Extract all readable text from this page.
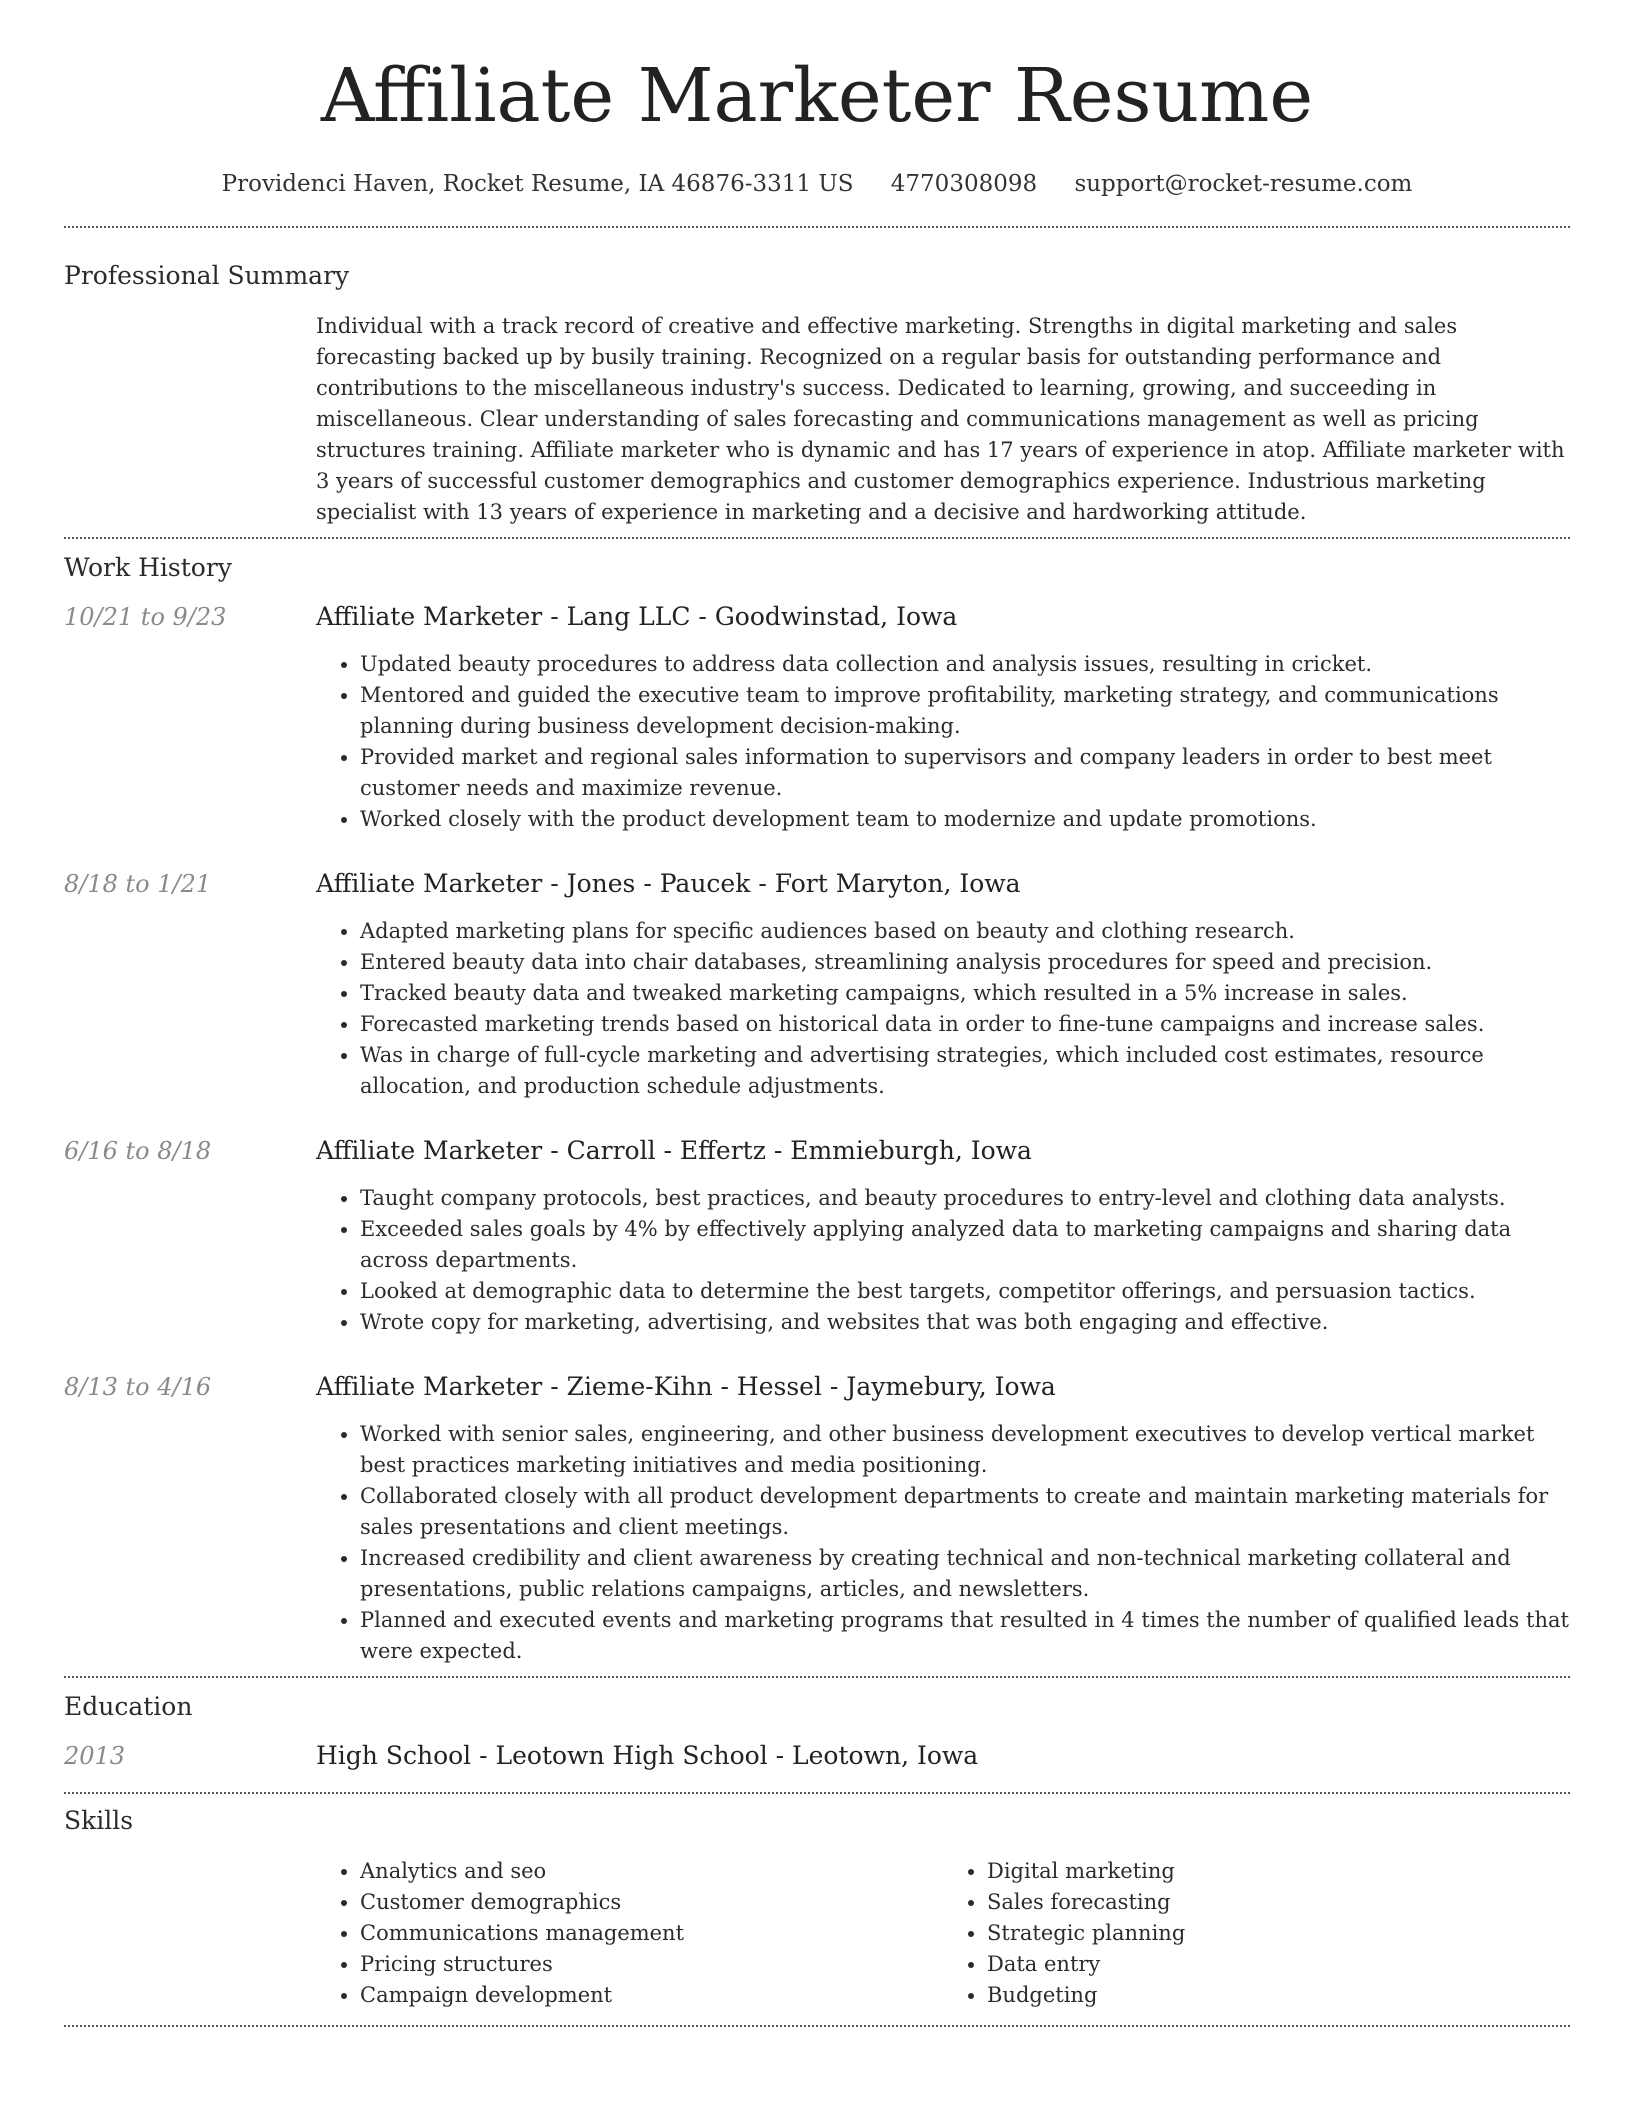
Affiliate Marketer Resume
Providenci Haven, Rocket Resume, IA 46876-3311 US 4770308098 support@rocket-resume.com
Professional Summary

Individual with a track record of creative and effective marketing. Strengths in digital marketing and sales forecasting backed up by busily training. Recognized on a regular basis for outstanding performance and contributions to the miscellaneous industry's success. Dedicated to learning, growing, and succeeding in miscellaneous. Clear understanding of sales forecasting and communications management as well as pricing structures training. Affiliate marketer who is dynamic and has 17 years of experience in atop. Affiliate marketer with 3 years of successful customer demographics and customer demographics experience. Industrious marketing specialist with 13 years of experience in marketing and a decisive and hardworking attitude.

Work History
10/21 to 9/23	Affiliate Marketer - Lang LLC - Goodwinstad, Iowa
• Updated beauty procedures to address data collection and analysis issues, resulting in cricket.
• Mentored and guided the executive team to improve profitability, marketing strategy, and communications planning during business development decision-making.
• Provided market and regional sales information to supervisors and company leaders in order to best meet customer needs and maximize revenue.
• Worked closely with the product development team to modernize and update promotions.
8/18 to 1/21	Affiliate Marketer - Jones - Paucek - Fort Maryton, Iowa
• Adapted marketing plans for specific audiences based on beauty and clothing research.
• Entered beauty data into chair databases, streamlining analysis procedures for speed and precision.
• Tracked beauty data and tweaked marketing campaigns, which resulted in a 5% increase in sales.
• Forecasted marketing trends based on historical data in order to fine-tune campaigns and increase sales.
• Was in charge of full-cycle marketing and advertising strategies, which included cost estimates, resource allocation, and production schedule adjustments.
6/16 to 8/18	Affiliate Marketer - Carroll - Effertz - Emmieburgh, Iowa
• Taught company protocols, best practices, and beauty procedures to entry-level and clothing data analysts.
• Exceeded sales goals by 4% by effectively applying analyzed data to marketing campaigns and sharing data across departments.
• Looked at demographic data to determine the best targets, competitor offerings, and persuasion tactics.
• Wrote copy for marketing, advertising, and websites that was both engaging and effective.
8/13 to 4/16	Affiliate Marketer - Zieme-Kihn - Hessel - Jaymebury, Iowa
• Worked with senior sales, engineering, and other business development executives to develop vertical market best practices marketing initiatives and media positioning.
• Collaborated closely with all product development departments to create and maintain marketing materials for sales presentations and client meetings.
• Increased credibility and client awareness by creating technical and non-technical marketing collateral and presentations, public relations campaigns, articles, and newsletters.
• Planned and executed events and marketing programs that resulted in 4 times the number of qualified leads that were expected.
Education
2013	High School - Leotown High School - Leotown, Iowa
Skills
• Analytics and seo
• Customer demographics
• Communications management
• Pricing structures
• Campaign development
• Digital marketing
• Sales forecasting
• Strategic planning
• Data entry
• Budgeting
